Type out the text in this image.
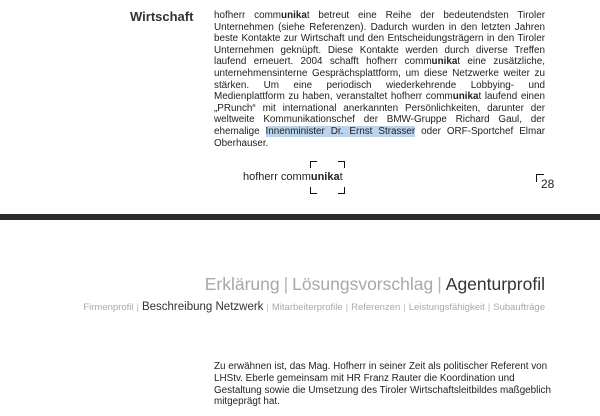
Wirtschaft hofherr communikat betreut eine Reihe der bedeutendsten Tiroler Unternehmen (siehe Referenzen). Dadurch wurden in den letzten Jahren beste Kontakte zur Wirtschaft und den Entscheidungsträgern in den Tiroler Unternehmen geknüpft. Diese Kontakte werden durch diverse Treffen laufend erneuert. 2004 schafft hofherr communikat eine zusätzliche, unternehmensinterne Gesprächsplattform, um diese Netzwerke weiter zu stärken. Um eine periodisch wiederkehrende Lobbying- und Medienplattform zu haben, veranstaltet hofherr communikat laufend einen „PRunch“ mit international anerkannten Persönlichkeiten, darunter der weltweite Kommunikationschef der BMW-Gruppe Richard Gaul, der ehemalige Innenminister Dr. Ernst Strasser oder ORF-Sportchef Elmar Oberhauser.
hofherr communikat	28
Erklärung | Lösungsvorschlag | Agenturprofil
Firmenprofil | Beschreibung Netzwerk | Mitarbeiterprofile | Referenzen | Leistungsfähigkeit | Subaufträge
Zu erwähnen ist, das Mag. Hofherr in seiner Zeit als politischer Referent von LHStv. Eberle gemeinsam mit HR Franz Rauter die Koordination und Gestaltung sowie die Umsetzung des Tiroler Wirtschaftsleitbildes maßgeblich mitgeprägt hat.
